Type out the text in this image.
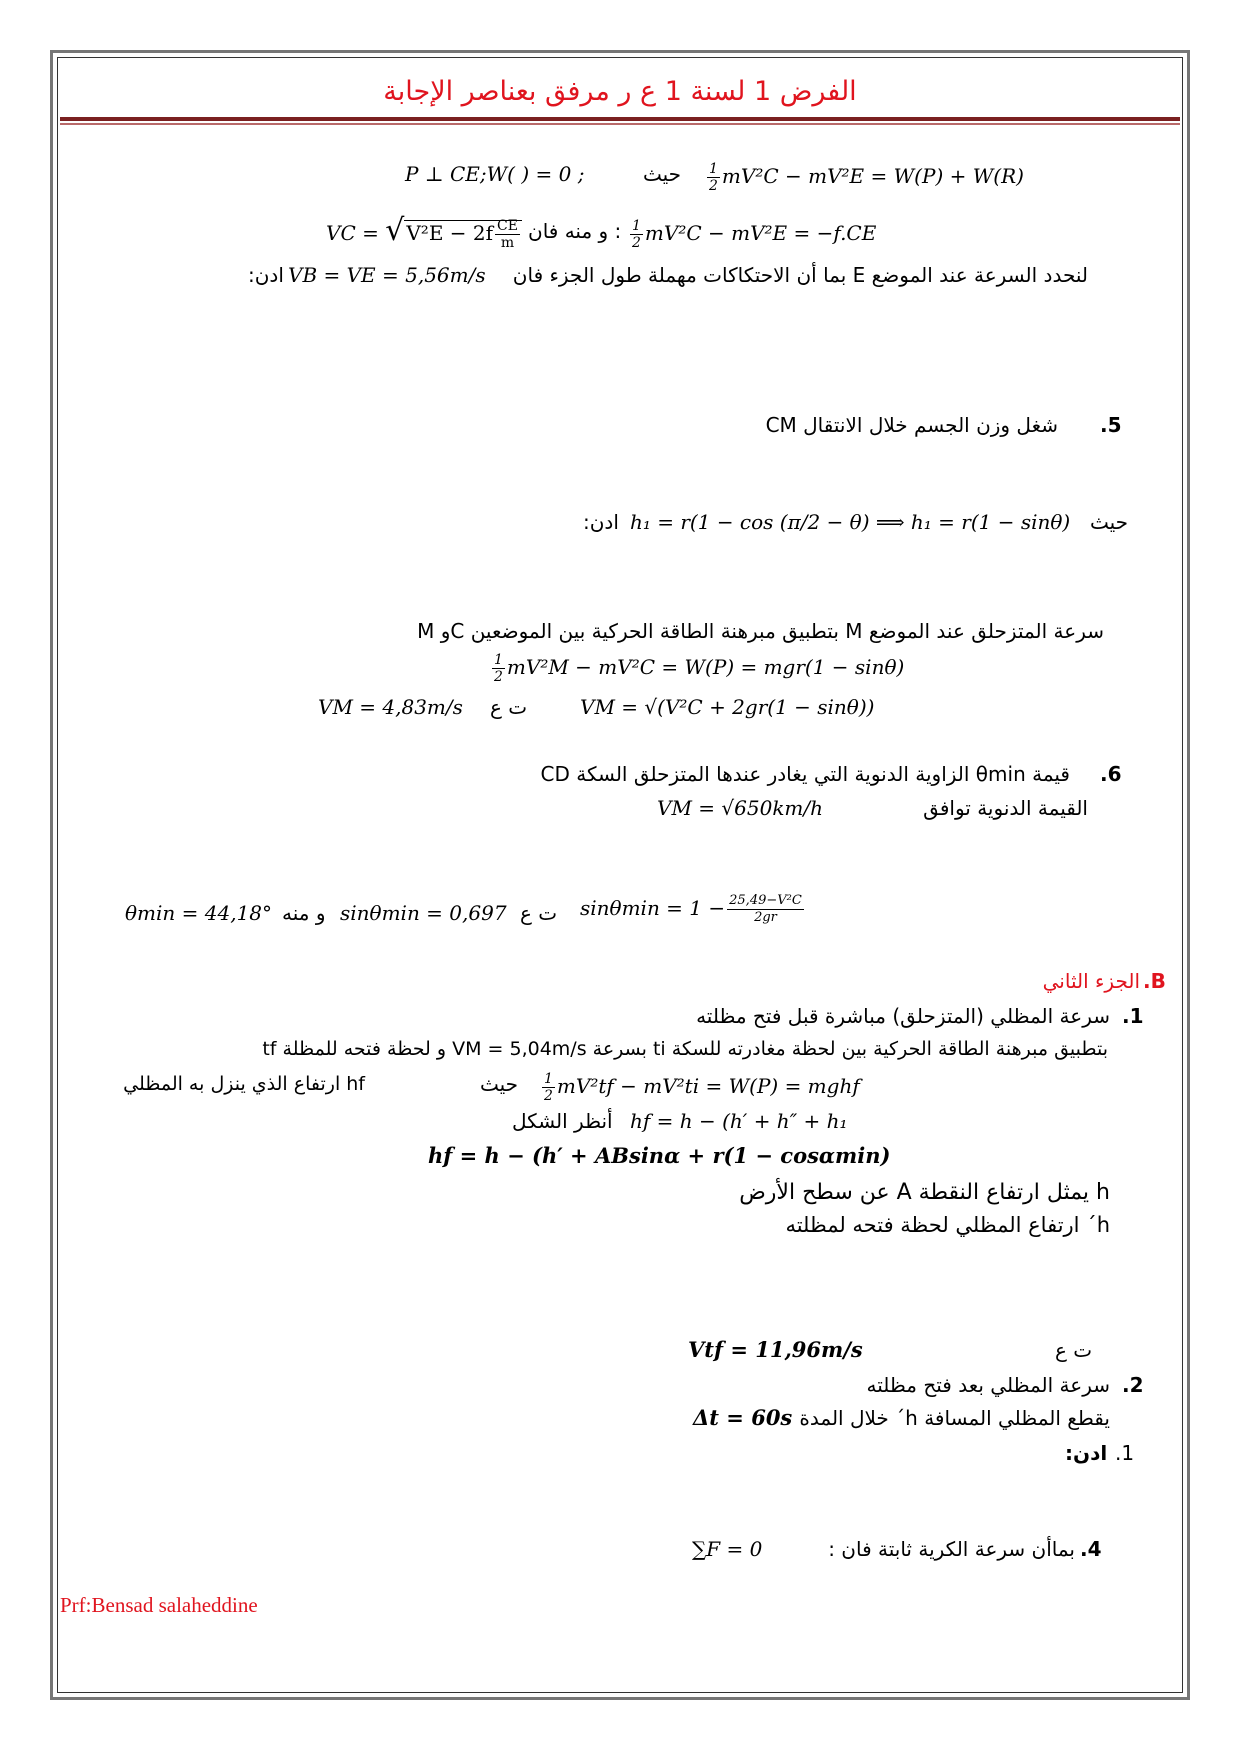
الفرض 1 لسنة 1 ع ر مرفق بعناصر الإجابة
P ⊥ CE;W( ) = 0 ;	حيث $\frac{1}{2} mV^2C - mV^2E = W(P) + W(R)$
VC = √ $V^2E - 2f \frac{CE}{m}$ : و منه فان $\frac{1}{2} mV^2C - mV^2E = -f.CE$
ادن: VB = VE = 5,56m/s	لنحدد السرعة عند الموضع E بما أن الاحتكاكات مهملة طول الجزء فان
شغل وزن الجسم خلال الانتقال CM .5
ادن: h₁ = r(1 − cos (π/2 − θ) ⟹ h₁ = r(1 − sinθ) حيث
سرعة المتزحلق عند الموضع M بتطبيق مبرهنة الطاقة الحركية بين الموضعين Cو M
$\frac{1}{2} mV^2M - mV^2C = W(P) = mgr(1 - \sin\theta)$
VM = 4,83m/s ت ع	VM = √(V²C + 2gr(1 − sinθ))
قيمة θmin الزاوية الدنوية التي يغادر عندها المتزحلق السكة CD .6
VM = √650km/h	القيمة الدنوية توافق
θmin = 44,18° و منه sinθmin = 0,697 ت ع $\sin\theta\min = 1 - \frac{\text{25,49−V²C}}{2gr}$
الجزء الثاني .B
سرعة المظلي (المتزحلق) مباشرة قبل فتح مظلته .1
بتطبيق مبرهنة الطاقة الحركية بين لحظة مغادرته للسكة ti بسرعة VM = 5,04m/s و لحظة فتحه للمظلة tf
hf ارتفاع الذي ينزل به المظلي	حيث $\frac{1}{2} mV^2tf - mV^2ti = W(P)$ = mghf
أنظر الشكل hf = h − (h′ + h″ + h₁
hf = h − (h′ + ABsinα + r(1 − cosαmin)
h يمثل ارتفاع النقطة A عن سطح الأرض
h΄ ارتفاع المظلي لحظة فتحه لمظلته
Vtf = 11,96m/s	ت ع
سرعة المظلي بعد فتح مظلته .2
Δt = 60s يقطع المظلي المسافة h΄ خلال المدة
ادن: .1
∑F = 0	بماأن سرعة الكرية ثابتة فان : .4
Prf:Bensad salaheddine
